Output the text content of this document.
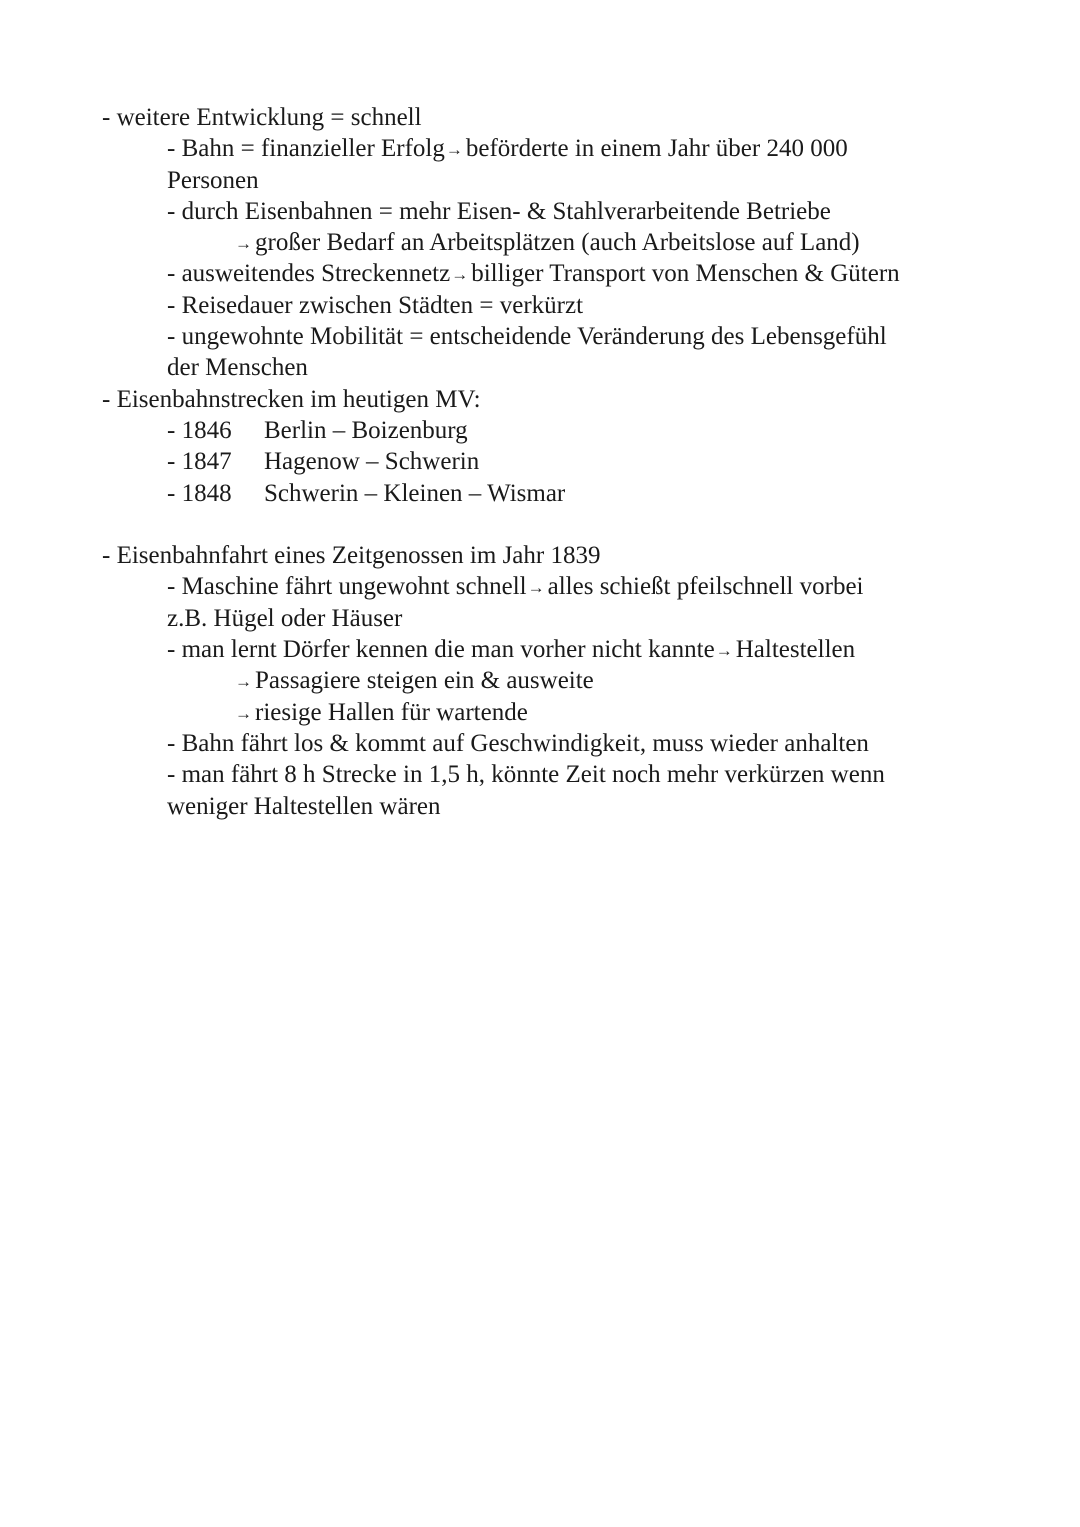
- weitere Entwicklung = schnell
- Bahn = finanzieller Erfolg→ beförderte in einem Jahr über 240 000
Personen
- durch Eisenbahnen = mehr Eisen- & Stahlverarbeitende Betriebe
→ großer Bedarf an Arbeitsplätzen (auch Arbeitslose auf Land)
- ausweitendes Streckennetz→ billiger Transport von Menschen & Gütern
- Reisedauer zwischen Städten = verkürzt
- ungewohnte Mobilität = entscheidende Veränderung des Lebensgefühl
der Menschen
- Eisenbahnstrecken im heutigen MV:
- 1846 Berlin – Boizenburg
- 1847 Hagenow – Schwerin
- 1848 Schwerin – Kleinen – Wismar
- Eisenbahnfahrt eines Zeitgenossen im Jahr 1839
- Maschine fährt ungewohnt schnell→ alles schießt pfeilschnell vorbei
z.B. Hügel oder Häuser
- man lernt Dörfer kennen die man vorher nicht kannte→ Haltestellen
→ Passagiere steigen ein & ausweite
→ riesige Hallen für wartende
- Bahn fährt los & kommt auf Geschwindigkeit, muss wieder anhalten
- man fährt 8 h Strecke in 1,5 h, könnte Zeit noch mehr verkürzen wenn
weniger Haltestellen wären
